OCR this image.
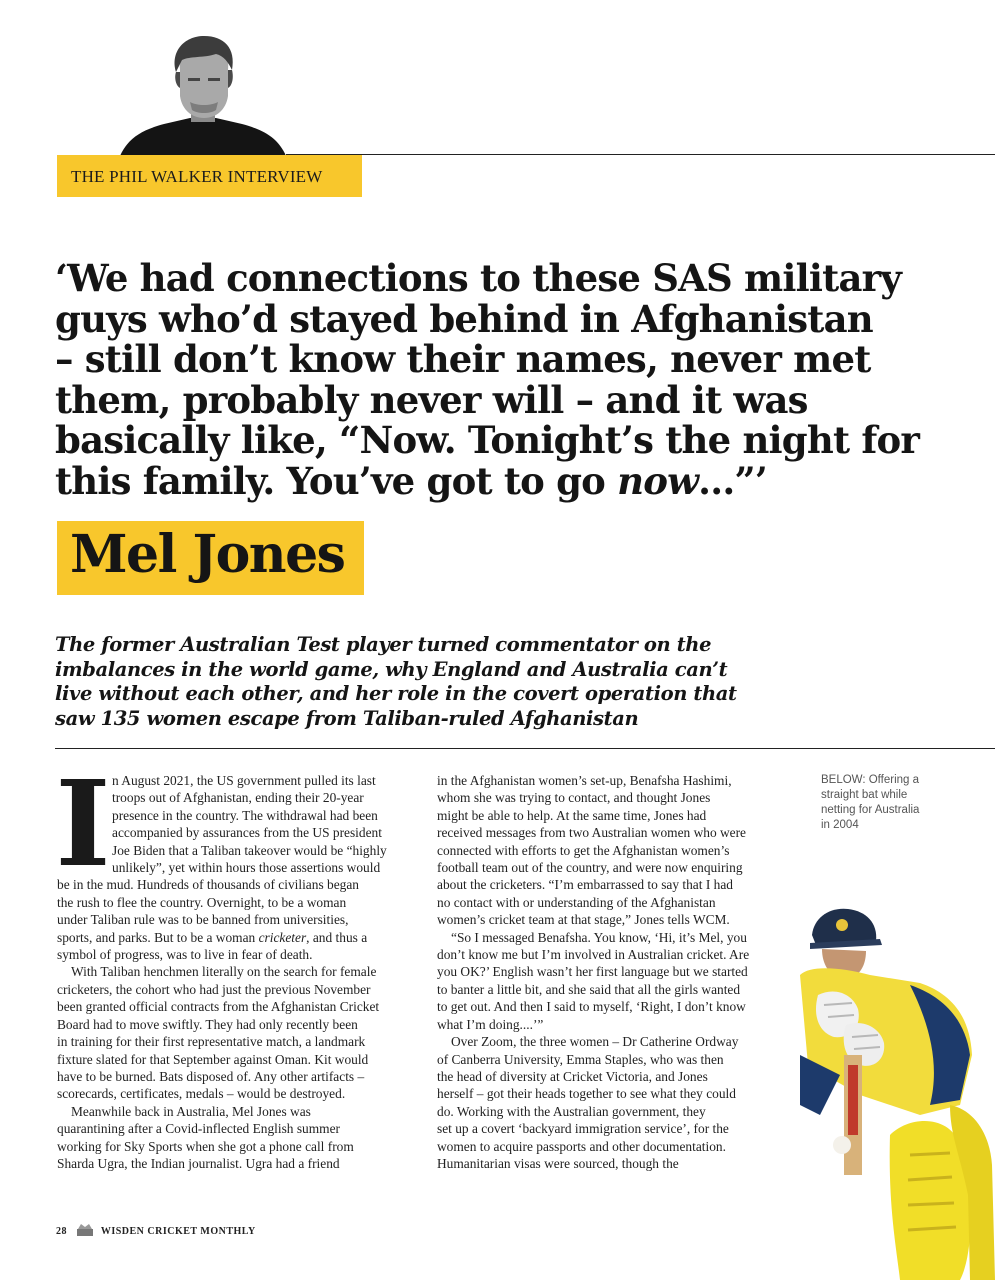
THE PHIL WALKER INTERVIEW
‘We had connections to these SAS military
guys who’d stayed behind in Afghanistan
– still don’t know their names, never met
them, probably never will – and it was
basically like, “Now. Tonight’s the night for
this family. You’ve got to go now...”’
Mel Jones
The former Australian Test player turned commentator on the
imbalances in the world game, why England and Australia can’t
live without each other, and her role in the covert operation that
saw 135 women escape from Taliban-ruled Afghanistan
I n August 2021, the US government pulled its last
troops out of Afghanistan, ending their 20-year
presence in the country. The withdrawal had been
accompanied by assurances from the US president
Joe Biden that a Taliban takeover would be “highly
unlikely”, yet within hours those assertions would
be in the mud. Hundreds of thousands of civilians began
the rush to flee the country. Overnight, to be a woman
under Taliban rule was to be banned from universities,
sports, and parks. But to be a woman cricketer, and thus a
symbol of progress, was to live in fear of death.
With Taliban henchmen literally on the search for female
cricketers, the cohort who had just the previous November
been granted official contracts from the Afghanistan Cricket
Board had to move swiftly. They had only recently been
in training for their first representative match, a landmark
fixture slated for that September against Oman. Kit would
have to be burned. Bats disposed of. Any other artifacts –
scorecards, certificates, medals – would be destroyed.
Meanwhile back in Australia, Mel Jones was
quarantining after a Covid-inflected English summer
working for Sky Sports when she got a phone call from
Sharda Ugra, the Indian journalist. Ugra had a friend
in the Afghanistan women’s set-up, Benafsha Hashimi,
whom she was trying to contact, and thought Jones
might be able to help. At the same time, Jones had
received messages from two Australian women who were
connected with efforts to get the Afghanistan women’s
football team out of the country, and were now enquiring
about the cricketers. “I’m embarrassed to say that I had
no contact with or understanding of the Afghanistan
women’s cricket team at that stage,” Jones tells WCM.
“So I messaged Benafsha. You know, ‘Hi, it’s Mel, you
don’t know me but I’m involved in Australian cricket. Are
you OK?’ English wasn’t her first language but we started
to banter a little bit, and she said that all the girls wanted
to get out. And then I said to myself, ‘Right, I don’t know
what I’m doing....’”
Over Zoom, the three women – Dr Catherine Ordway
of Canberra University, Emma Staples, who was then
the head of diversity at Cricket Victoria, and Jones
herself – got their heads together to see what they could
do. Working with the Australian government, they
set up a covert ‘backyard immigration service’, for the
women to acquire passports and other documentation.
Humanitarian visas were sourced, though the
BELOW: Offering a
straight bat while
netting for Australia
in 2004
28	WISDEN CRICKET MONTHLY
